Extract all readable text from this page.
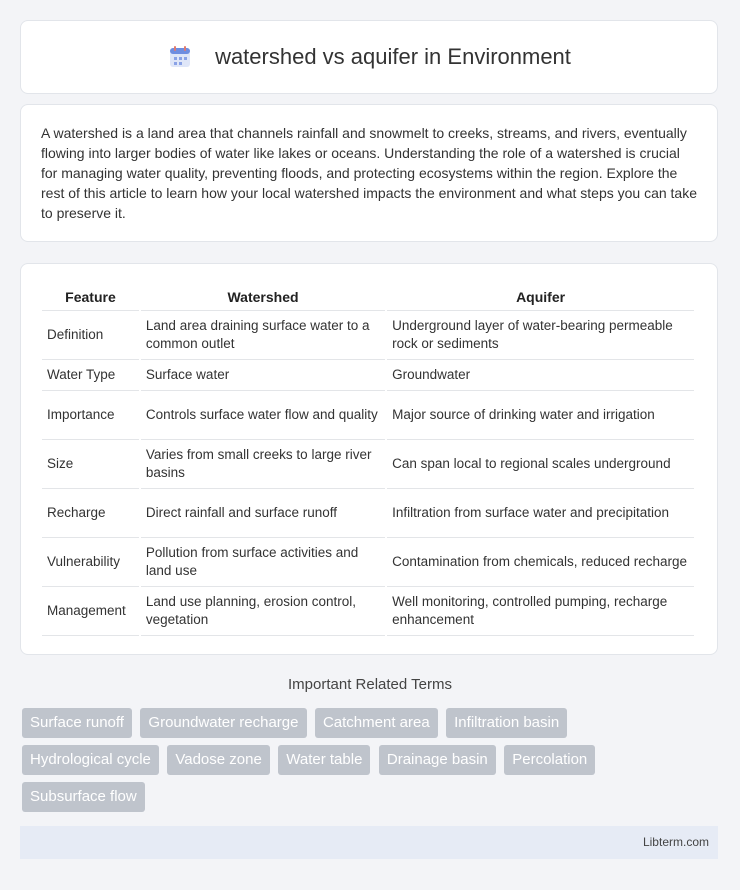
watershed vs aquifer in Environment

A watershed is a land area that channels rainfall and snowmelt to creeks, streams, and rivers, eventually flowing into larger bodies of water like lakes or oceans. Understanding the role of a watershed is crucial for managing water quality, preventing floods, and protecting ecosystems within the region. Explore the rest of this article to learn how your local watershed impacts the environment and what steps you can take to preserve it.

Feature	Watershed	Aquifer
Definition	Land area draining surface water to a common outlet	Underground layer of water-bearing permeable rock or sediments
Water Type	Surface water	Groundwater
Importance	Controls surface water flow and quality	Major source of drinking water and irrigation
Size	Varies from small creeks to large river basins	Can span local to regional scales underground
Recharge	Direct rainfall and surface runoff	Infiltration from surface water and precipitation
Vulnerability	Pollution from surface activities and land use	Contamination from chemicals, reduced recharge
Management	Land use planning, erosion control, vegetation	Well monitoring, controlled pumping, recharge enhancement
Important Related Terms
Surface runoff Groundwater recharge Catchment area Infiltration basin Hydrological cycle Vadose zone Water table Drainage basin Percolation Subsurface flow
Libterm.com
